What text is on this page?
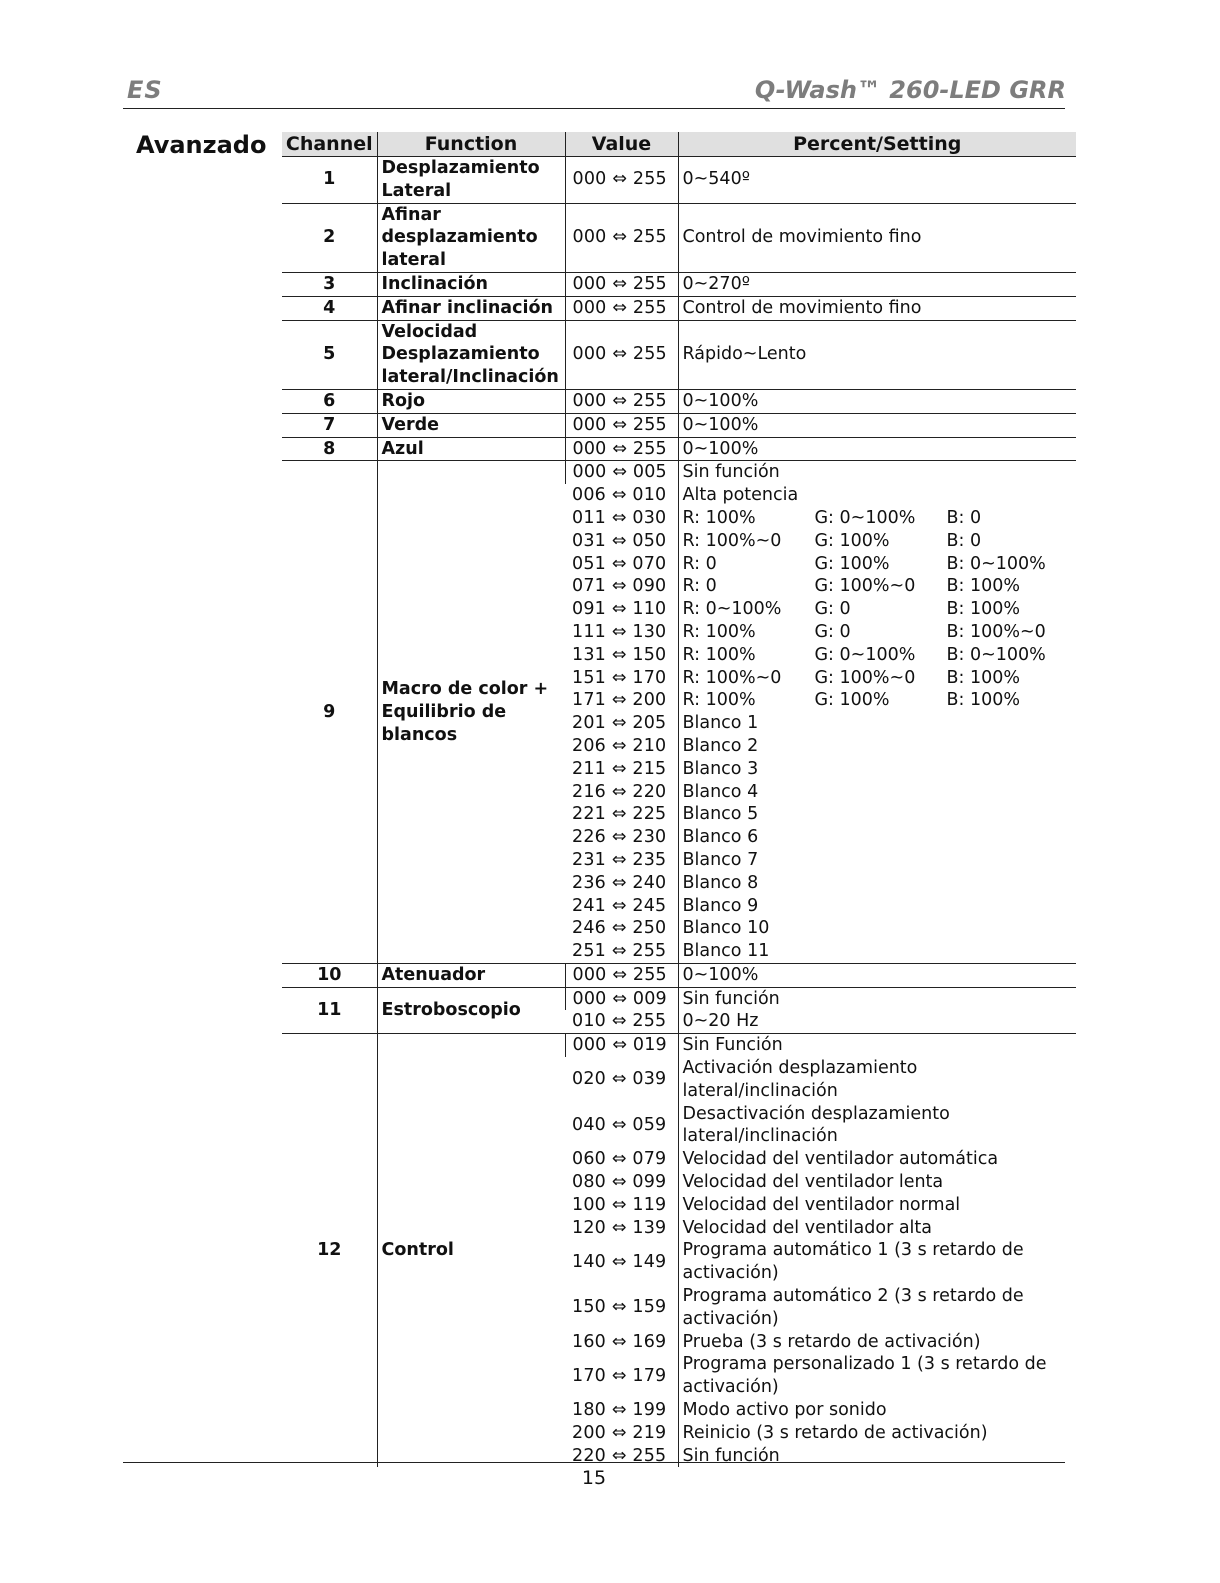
ES	Q-Wash™ 260-LED GRR
Avanzado Channel	Function	Value	Percent/Setting
1	Desplazamiento Lateral	000 ⇔ 255	0~540º
2	Afinar desplazamiento lateral	000 ⇔ 255	Control de movimiento fino
3	Inclinación	000 ⇔ 255	0~270º
4	Afinar inclinación	000 ⇔ 255	Control de movimiento fino
5	Velocidad Desplazamiento lateral/Inclinación	000 ⇔ 255	Rápido~Lento
6	Rojo	000 ⇔ 255	0~100%
7	Verde	000 ⇔ 255	0~100%
8	Azul	000 ⇔ 255	0~100%
9	Macro de color + Equilibrio de blancos	000 ⇔ 005	Sin función
		006 ⇔ 010	Alta potencia
		011 ⇔ 030	R: 100% G: 0~100% B: 0

		031 ⇔ 050	R: 100%~0 G: 100% B: 0

		051 ⇔ 070	R: 0 G: 100% B: 0~100%

		071 ⇔ 090	R: 0 G: 100%~0 B: 100%

		091 ⇔ 110	R: 0~100% G: 0 B: 100%

		111 ⇔ 130	R: 100% G: 0 B: 100%~0

		131 ⇔ 150	R: 100% G: 0~100% B: 0~100%

		151 ⇔ 170	R: 100%~0 G: 100%~0 B: 100%

		171 ⇔ 200	R: 100% G: 100% B: 100%

		201 ⇔ 205	Blanco 1
		206 ⇔ 210	Blanco 2
		211 ⇔ 215	Blanco 3
		216 ⇔ 220	Blanco 4
		221 ⇔ 225	Blanco 5
		226 ⇔ 230	Blanco 6
		231 ⇔ 235	Blanco 7
		236 ⇔ 240	Blanco 8
		241 ⇔ 245	Blanco 9
		246 ⇔ 250	Blanco 10
		251 ⇔ 255	Blanco 11
10	Atenuador	000 ⇔ 255	0~100%
11	Estroboscopio	000 ⇔ 009	Sin función
		010 ⇔ 255	0~20 Hz
12	Control	000 ⇔ 019	Sin Función
		020 ⇔ 039	Activación desplazamiento lateral/inclinación
		040 ⇔ 059	Desactivación desplazamiento lateral/inclinación
		060 ⇔ 079	Velocidad del ventilador automática
		080 ⇔ 099	Velocidad del ventilador lenta
		100 ⇔ 119	Velocidad del ventilador normal
		120 ⇔ 139	Velocidad del ventilador alta
		140 ⇔ 149	Programa automático 1 (3 s retardo de activación)
		150 ⇔ 159	Programa automático 2 (3 s retardo de activación)
		160 ⇔ 169	Prueba (3 s retardo de activación)
		170 ⇔ 179	Programa personalizado 1 (3 s retardo de activación)
		180 ⇔ 199	Modo activo por sonido
		200 ⇔ 219	Reinicio (3 s retardo de activación)
		220 ⇔ 255	Sin función
15
